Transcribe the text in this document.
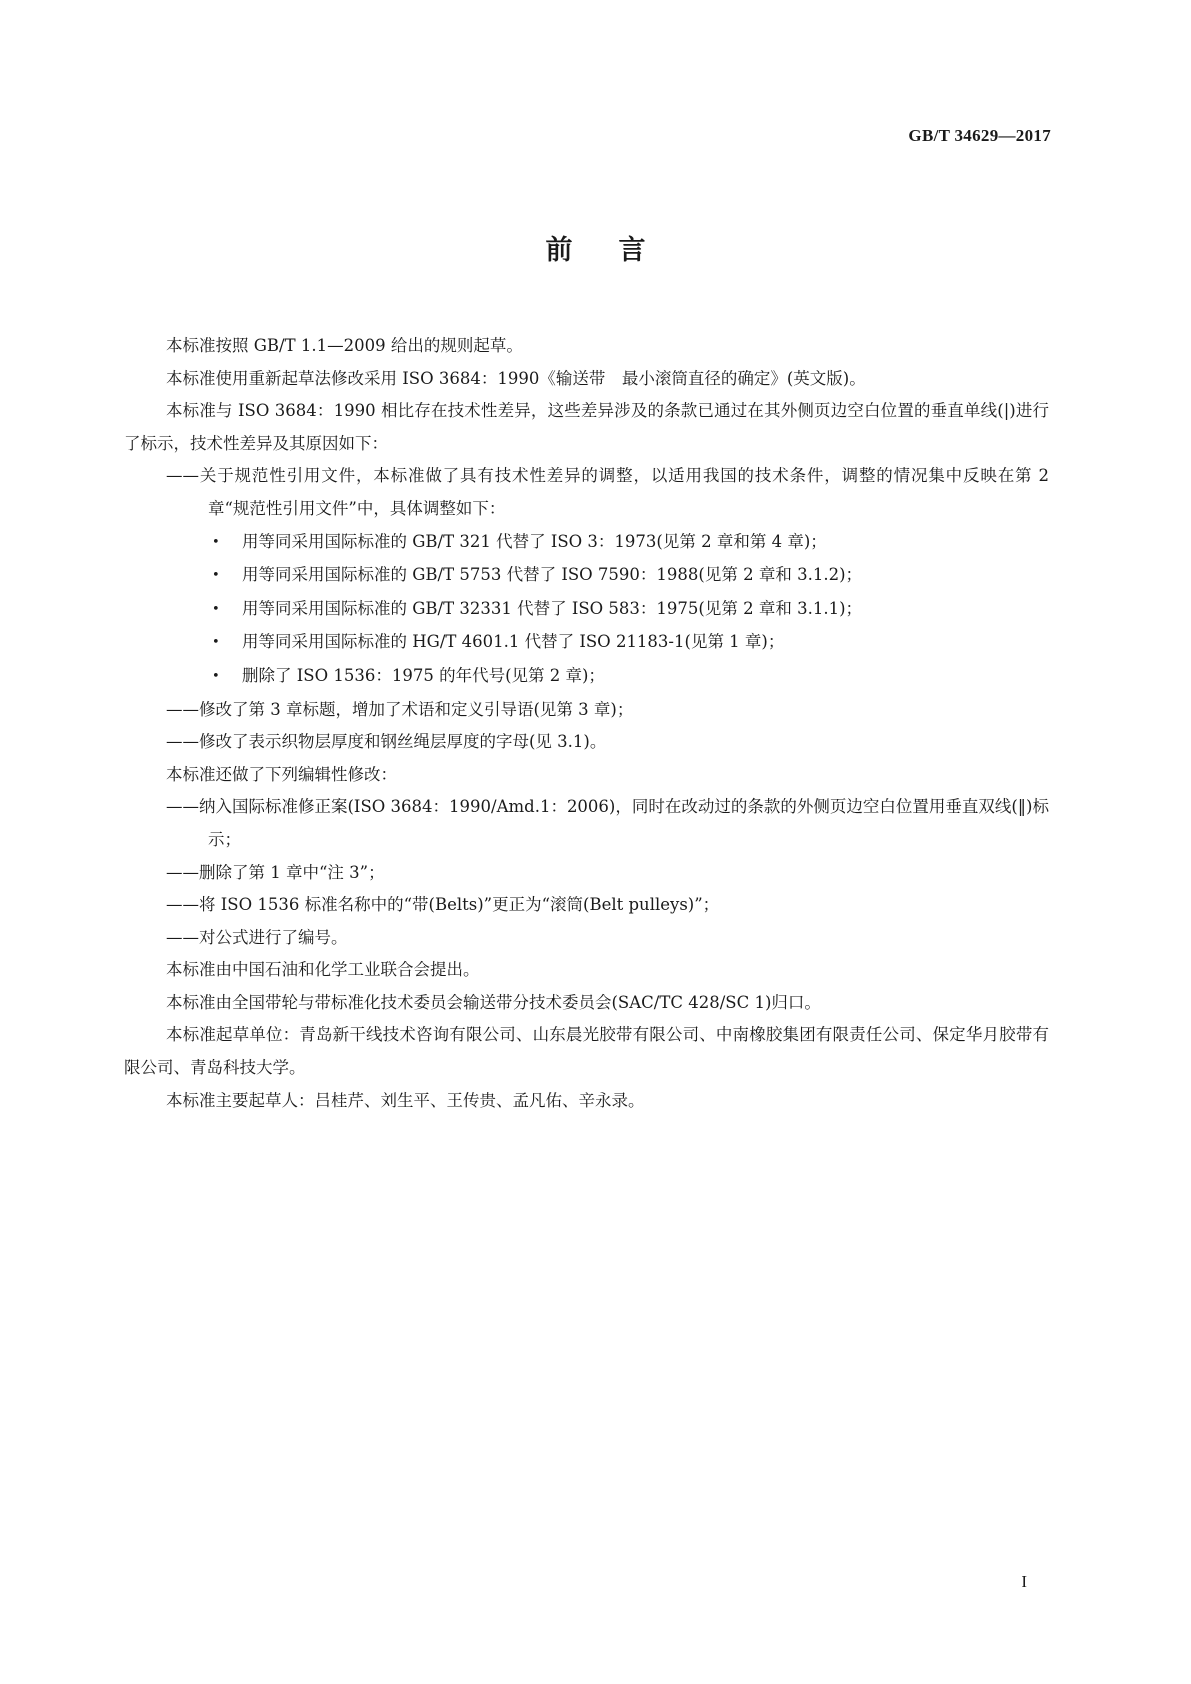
GB/T 34629—2017
前言

本标准按照 GB/T 1.1—2009 给出的规则起草。

本标准使用重新起草法修改采用 ISO 3684：1990《输送带　最小滚筒直径的确定》(英文版)。

本标准与 ISO 3684：1990 相比存在技术性差异，这些差异涉及的条款已通过在其外侧页边空白位置的垂直单线(|)进行了标示，技术性差异及其原因如下：

——关于规范性引用文件，本标准做了具有技术性差异的调整，以适用我国的技术条件，调整的情况集中反映在第 2 章“规范性引用文件”中，具体调整如下：

• 用等同采用国际标准的 GB/T 321 代替了 ISO 3：1973(见第 2 章和第 4 章)；

• 用等同采用国际标准的 GB/T 5753 代替了 ISO 7590：1988(见第 2 章和 3.1.2)；

• 用等同采用国际标准的 GB/T 32331 代替了 ISO 583：1975(见第 2 章和 3.1.1)；

• 用等同采用国际标准的 HG/T 4601.1 代替了 ISO 21183-1(见第 1 章)；

• 删除了 ISO 1536：1975 的年代号(见第 2 章)；

——修改了第 3 章标题，增加了术语和定义引导语(见第 3 章)；

——修改了表示织物层厚度和钢丝绳层厚度的字母(见 3.1)。

本标准还做了下列编辑性修改：

——纳入国际标准修正案(ISO 3684：1990/Amd.1：2006)，同时在改动过的条款的外侧页边空白位置用垂直双线(‖)标示；

——删除了第 1 章中“注 3”；

——将 ISO 1536 标准名称中的“带(Belts)”更正为“滚筒(Belt pulleys)”；

——对公式进行了编号。

本标准由中国石油和化学工业联合会提出。

本标准由全国带轮与带标准化技术委员会输送带分技术委员会(SAC/TC 428/SC 1)归口。

本标准起草单位：青岛新干线技术咨询有限公司、山东晨光胶带有限公司、中南橡胶集团有限责任公司、保定华月胶带有限公司、青岛科技大学。

本标准主要起草人：吕桂芹、刘生平、王传贵、孟凡佑、辛永录。

I
